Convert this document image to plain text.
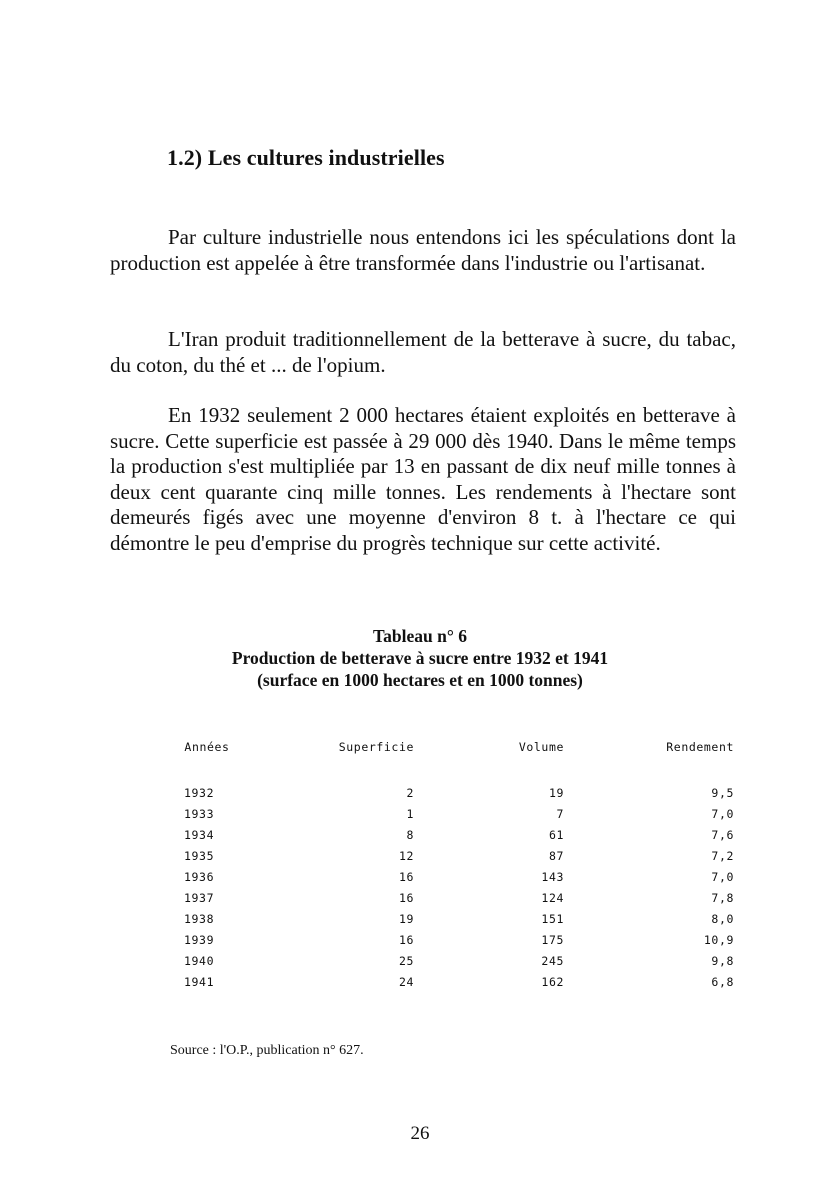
1.2) Les cultures industrielles

Par culture industrielle nous entendons ici les spéculations dont la production est appelée à être transformée dans l'industrie ou l'artisanat.

L'Iran produit traditionnellement de la betterave à sucre, du tabac, du coton, du thé et ... de l'opium.

En 1932 seulement 2 000 hectares étaient exploités en betterave à sucre. Cette superficie est passée à 29 000 dès 1940. Dans le même temps la production s'est multipliée par 13 en passant de dix neuf mille tonnes à deux cent quarante cinq mille tonnes. Les rendements à l'hectare sont demeurés figés avec une moyenne d'environ 8 t. à l'hectare ce qui démontre le peu d'emprise du progrès technique sur cette activité.

Tableau n° 6
Production de betterave à sucre entre 1932 et 1941
(surface en 1000 hectares et en 1000 tonnes)
Années	Superficie	Volume	Rendement

1932	2	19	9,5
1933	1	7	7,0
1934	8	61	7,6
1935	12	87	7,2
1936	16	143	7,0
1937	16	124	7,8
1938	19	151	8,0
1939	16	175	10,9
1940	25	245	9,8
1941	24	162	6,8
Source : l'O.P., publication n° 627.
26
